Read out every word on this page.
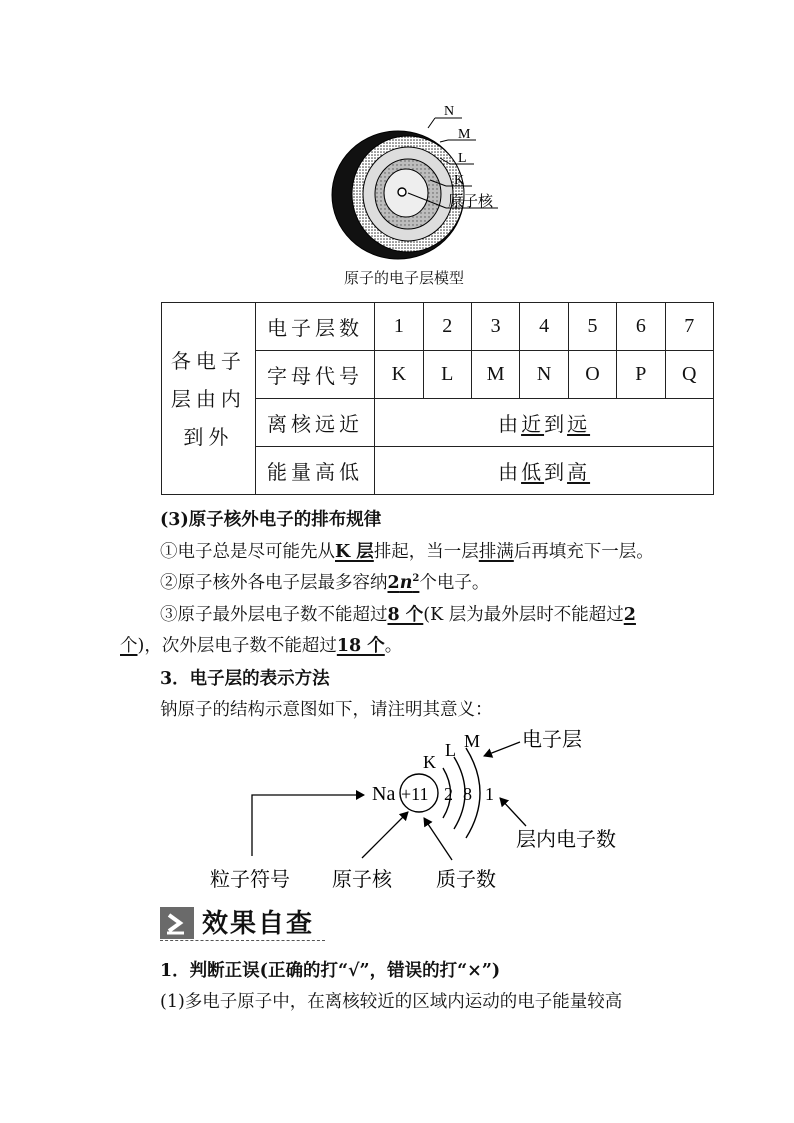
N
M
L
K
原子核
原子的电子层模型
各电子
层由内
到外	电子层数	1	2	3	4	5	6	7
	字母代号	K	L	M	N	O	P	Q
	离核远近	由近到远						
	能量高低	由低到高						
(3)原子核外电子的排布规律
①电子总是尽可能先从K 层排起，当一层排满后再填充下一层。
②原子核外各电子层最多容纳$2n^2$个电子。
③原子最外层电子数不能超过8 个(K 层为最外层时不能超过2
个)，次外层电子数不能超过18 个。
3．电子层的表示方法
钠原子的结构示意图如下，请注明其意义：
Na +11
K
L M
2 8 1
电子层
层内电子数
粒子符号 原子核 质子数
效果自查
1．判断正误(正确的打“√”，错误的打“×”)
(1)多电子原子中，在离核较近的区域内运动的电子能量较高
